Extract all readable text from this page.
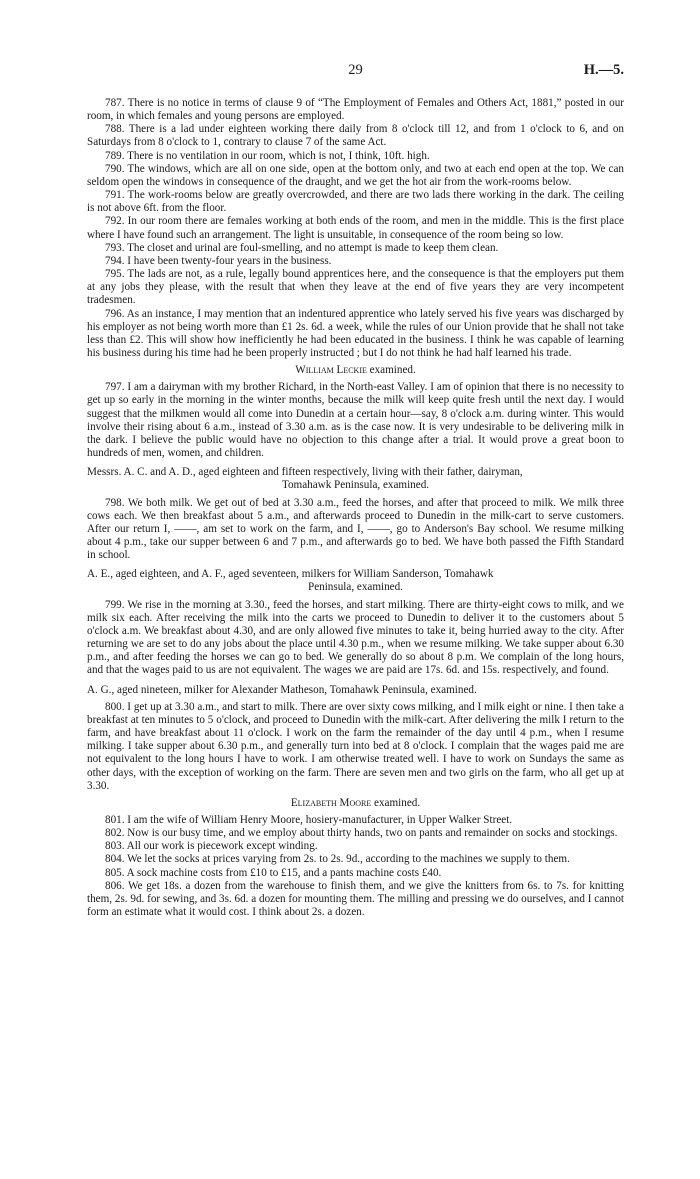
29	H.—5.

787. There is no notice in terms of clause 9 of “The Employment of Females and Others Act, 1881,” posted in our room, in which females and young persons are employed.

788. There is a lad under eighteen working there daily from 8 o'clock till 12, and from 1 o'clock to 6, and on Saturdays from 8 o'clock to 1, contrary to clause 7 of the same Act.

789. There is no ventilation in our room, which is not, I think, 10ft. high.

790. The windows, which are all on one side, open at the bottom only, and two at each end open at the top. We can seldom open the windows in consequence of the draught, and we get the hot air from the work-rooms below.

791. The work-rooms below are greatly overcrowded, and there are two lads there working in the dark. The ceiling is not above 6ft. from the floor.

792. In our room there are females working at both ends of the room, and men in the middle. This is the first place where I have found such an arrangement. The light is unsuitable, in consequence of the room being so low.

793. The closet and urinal are foul-smelling, and no attempt is made to keep them clean.

794. I have been twenty-four years in the business.

795. The lads are not, as a rule, legally bound apprentices here, and the consequence is that the employers put them at any jobs they please, with the result that when they leave at the end of five years they are very incompetent tradesmen.

796. As an instance, I may mention that an indentured apprentice who lately served his five years was discharged by his employer as not being worth more than £1 2s. 6d. a week, while the rules of our Union provide that he shall not take less than £2. This will show how inefficiently he had been educated in the business. I think he was capable of learning his business during his time had he been properly instructed ; but I do not think he had half learned his trade.

William Leckie examined.

797. I am a dairyman with my brother Richard, in the North-east Valley. I am of opinion that there is no necessity to get up so early in the morning in the winter months, because the milk will keep quite fresh until the next day. I would suggest that the milkmen would all come into Dunedin at a certain hour—say, 8 o'clock a.m. during winter. This would involve their rising about 6 a.m., instead of 3.30 a.m. as is the case now. It is very undesirable to be delivering milk in the dark. I believe the public would have no objection to this change after a trial. It would prove a great boon to hundreds of men, women, and children.

Messrs. A. C. and A. D., aged eighteen and fifteen respectively, living with their father, dairyman,
Tomahawk Peninsula, examined.

798. We both milk. We get out of bed at 3.30 a.m., feed the horses, and after that proceed to milk. We milk three cows each. We then breakfast about 5 a.m., and afterwards proceed to Dunedin in the milk-cart to serve customers. After our return I, ——, am set to work on the farm, and I, ——, go to Anderson's Bay school. We resume milking about 4 p.m., take our supper between 6 and 7 p.m., and afterwards go to bed. We have both passed the Fifth Standard in school.

A. E., aged eighteen, and A. F., aged seventeen, milkers for William Sanderson, Tomahawk
Peninsula, examined.

799. We rise in the morning at 3.30., feed the horses, and start milking. There are thirty-eight cows to milk, and we milk six each. After receiving the milk into the carts we proceed to Dunedin to deliver it to the customers about 5 o'clock a.m. We breakfast about 4.30, and are only allowed five minutes to take it, being hurried away to the city. After returning we are set to do any jobs about the place until 4.30 p.m., when we resume milking. We take supper about 6.30 p.m., and after feeding the horses we can go to bed. We generally do so about 8 p.m. We complain of the long hours, and that the wages paid to us are not equivalent. The wages we are paid are 17s. 6d. and 15s. respectively, and found.

A. G., aged nineteen, milker for Alexander Matheson, Tomahawk Peninsula, examined.

800. I get up at 3.30 a.m., and start to milk. There are over sixty cows milking, and I milk eight or nine. I then take a breakfast at ten minutes to 5 o'clock, and proceed to Dunedin with the milk-cart. After delivering the milk I return to the farm, and have breakfast about 11 o'clock. I work on the farm the remainder of the day until 4 p.m., when I resume milking. I take supper about 6.30 p.m., and generally turn into bed at 8 o'clock. I complain that the wages paid me are not equivalent to the long hours I have to work. I am otherwise treated well. I have to work on Sundays the same as other days, with the exception of working on the farm. There are seven men and two girls on the farm, who all get up at 3.30.

Elizabeth Moore examined.

801. I am the wife of William Henry Moore, hosiery-manufacturer, in Upper Walker Street.

802. Now is our busy time, and we employ about thirty hands, two on pants and remainder on socks and stockings.

803. All our work is piecework except winding.

804. We let the socks at prices varying from 2s. to 2s. 9d., according to the machines we supply to them.

805. A sock machine costs from £10 to £15, and a pants machine costs £40.

806. We get 18s. a dozen from the warehouse to finish them, and we give the knitters from 6s. to 7s. for knitting them, 2s. 9d. for sewing, and 3s. 6d. a dozen for mounting them. The milling and pressing we do ourselves, and I cannot form an estimate what it would cost. I think about 2s. a dozen.
